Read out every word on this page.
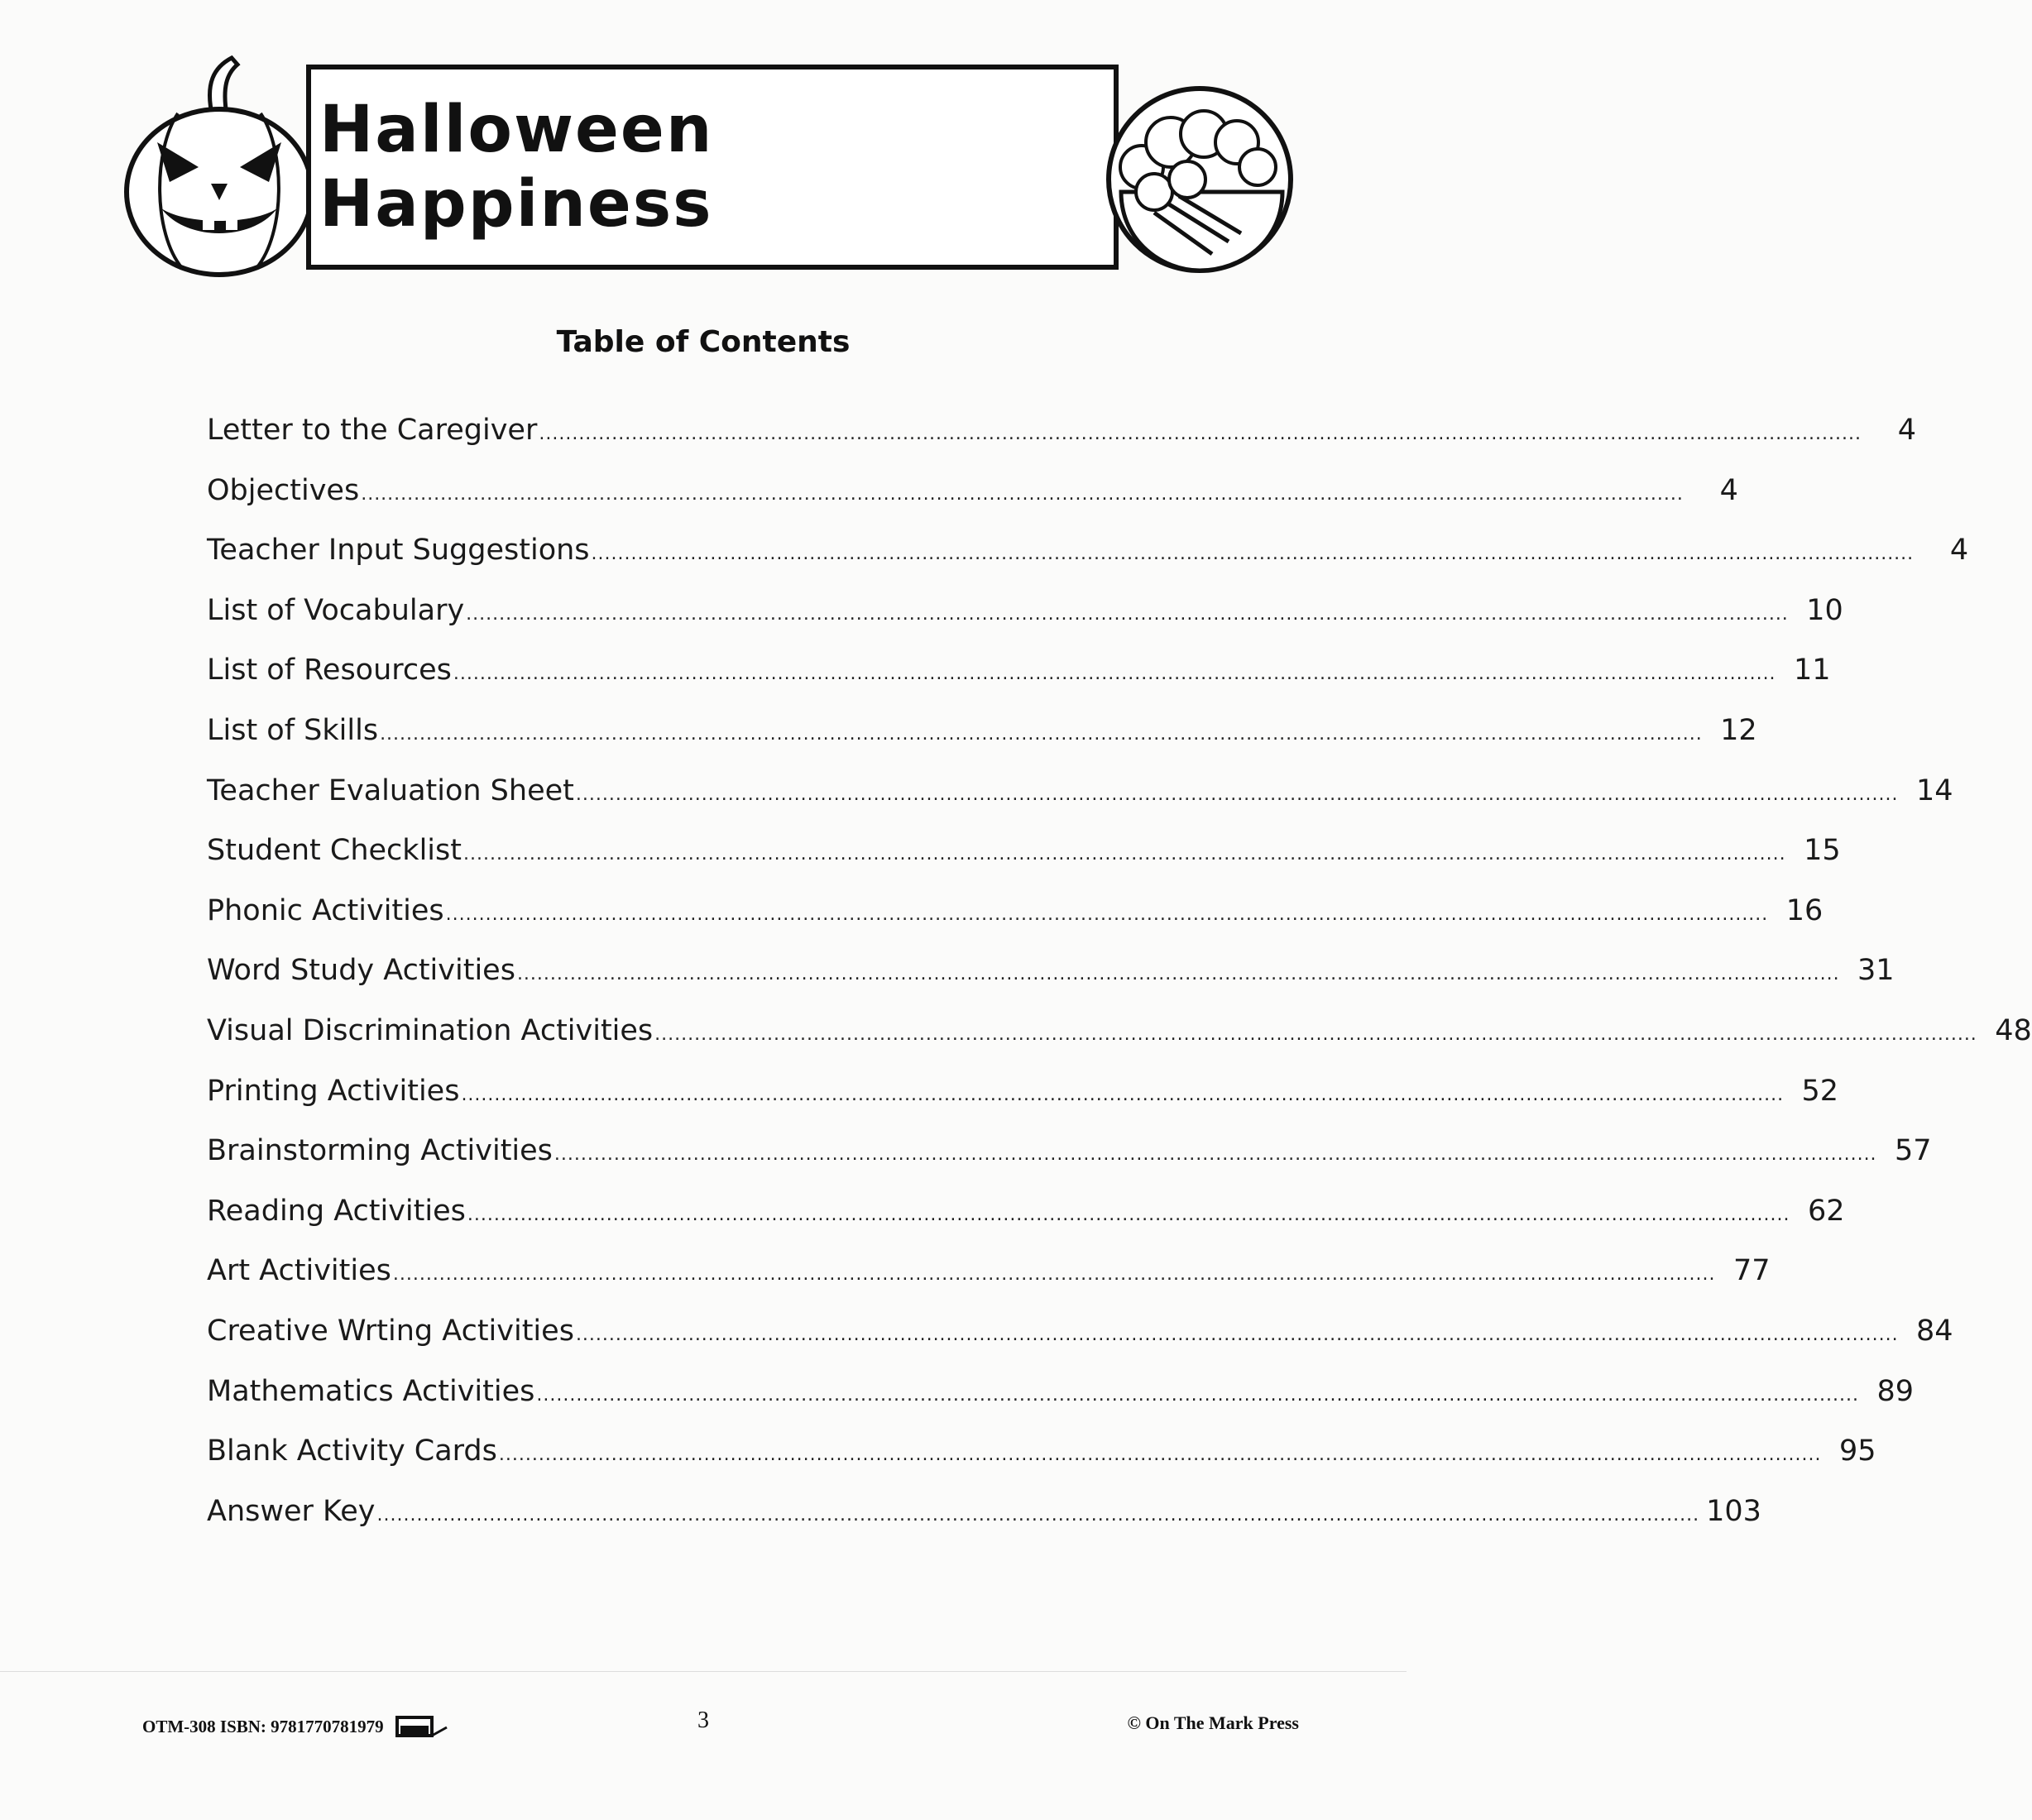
Halloween Happiness
Table of Contents
Letter to the Caregiver ........................................................................................................................................................................................................	4
Objectives ........................................................................................................................................................................................................	4
Teacher Input Suggestions ........................................................................................................................................................................................................	4
List of Vocabulary ........................................................................................................................................................................................................ 10
List of Resources ........................................................................................................................................................................................................ 11
List of Skills ........................................................................................................................................................................................................ 12
Teacher Evaluation Sheet ........................................................................................................................................................................................................ 14
Student Checklist ........................................................................................................................................................................................................ 15
Phonic Activities ........................................................................................................................................................................................................ 16
Word Study Activities ........................................................................................................................................................................................................ 31
Visual Discrimination Activities ........................................................................................................................................................................................................ 48
Printing Activities ........................................................................................................................................................................................................ 52
Brainstorming Activities ........................................................................................................................................................................................................ 57
Reading Activities ........................................................................................................................................................................................................ 62
Art Activities ........................................................................................................................................................................................................ 77
Creative Wrting Activities ........................................................................................................................................................................................................ 84
Mathematics Activities ........................................................................................................................................................................................................ 89
Blank Activity Cards ........................................................................................................................................................................................................ 95
Answer Key ........................................................................................................................................................................................................ 103
OTM-308 ISBN: 9781770781979	3	© On The Mark Press
